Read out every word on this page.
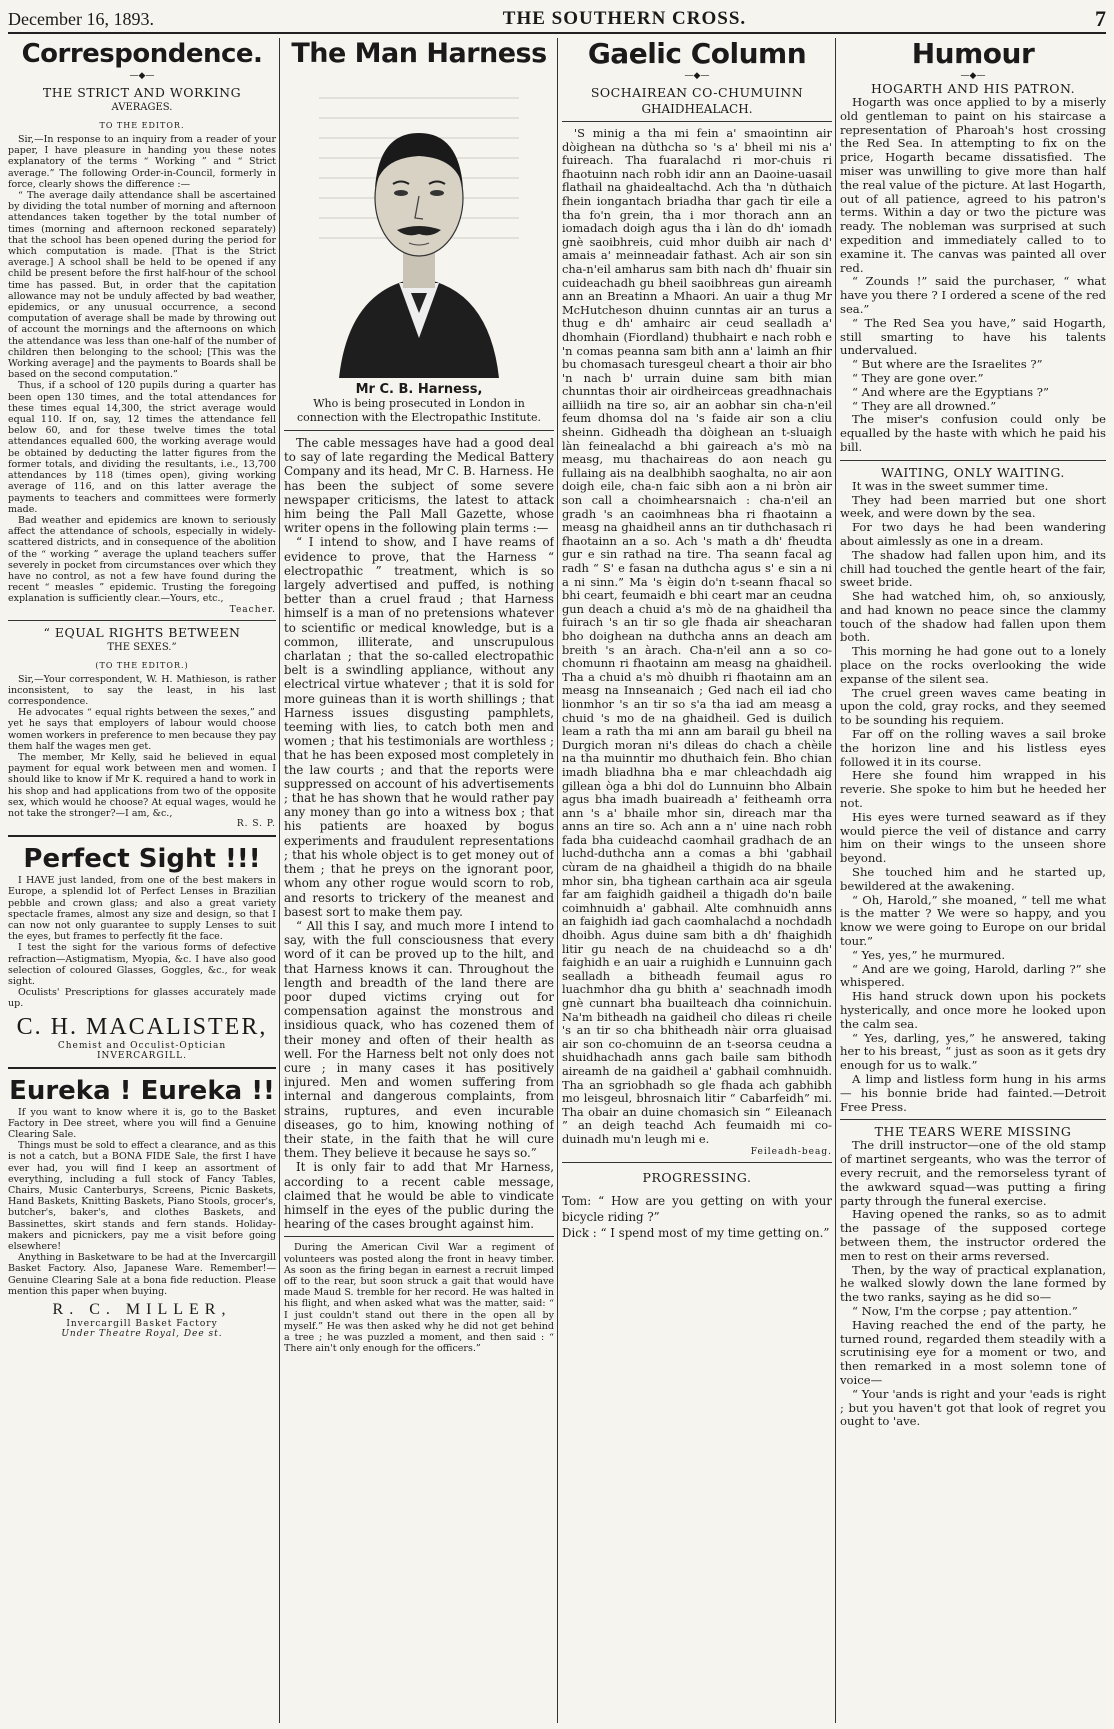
December 16, 1893.	THE SOUTHERN CROSS.	7
Correspondence.
—◆—
THE STRICT AND WORKING
AVERAGES.
TO THE EDITOR.

Sir,—In response to an inquiry from a reader of your paper, I have pleasure in handing you these notes explanatory of the terms “ Working ” and “ Strict average.” The following Order-in-Council, formerly in force, clearly shows the difference :—

“ The average daily attendance shall be ascertained by dividing the total number of morning and afternoon attendances taken together by the total number of times (morning and afternoon reckoned separately) that the school has been opened during the period for which computation is made. [That is the Strict average.] A school shall be held to be opened if any child be present before the first half-hour of the school time has passed. But, in order that the capitation allowance may not be unduly affected by bad weather, epidemics, or any unusual occurrence, a second computation of average shall be made by throwing out of account the mornings and the afternoons on which the attendance was less than one-half of the number of children then belonging to the school; [This was the Working average] and the payments to Boards shall be based on the second computation.”

Thus, if a school of 120 pupils during a quarter has been open 130 times, and the total attendances for these times equal 14,300, the strict average would equal 110. If on, say, 12 times the attendance fell below 60, and for these twelve times the total attendances equalled 600, the working average would be obtained by deducting the latter figures from the former totals, and dividing the resultants, i.e., 13,700 attendances by 118 (times open), giving working average of 116, and on this latter average the payments to teachers and committees were formerly made.

Bad weather and epidemics are known to seriously affect the attendance of schools, especially in widely-scattered districts, and in consequence of the abolition of the “ working ” average the upland teachers suffer severely in pocket from circumstances over which they have no control, as not a few have found during the recent “ measles ” epidemic. Trusting the foregoing explanation is sufficiently clear.—Yours, etc.,

Teacher.
“ EQUAL RIGHTS BETWEEN
THE SEXES.”
(TO THE EDITOR.)

Sir,—Your correspondent, W. H. Mathieson, is rather inconsistent, to say the least, in his last correspondence.

He advocates “ equal rights between the sexes,” and yet he says that employers of labour would choose women workers in preference to men because they pay them half the wages men get.

The member, Mr Kelly, said he believed in equal payment for equal work between men and women. I should like to know if Mr K. required a hand to work in his shop and had applications from two of the opposite sex, which would he choose? At equal wages, would he not take the stronger?—I am, &c.,

R. S. P.
Perfect Sight !!!

I HAVE just landed, from one of the best makers in Europe, a splendid lot of Perfect Lenses in Brazilian pebble and crown glass; and also a great variety spectacle frames, almost any size and design, so that I can now not only guarantee to supply Lenses to suit the eyes, but frames to perfectly fit the face.

I test the sight for the various forms of defective refraction—Astigmatism, Myopia, &c. I have also good selection of coloured Glasses, Goggles, &c., for weak sight.

Oculists' Prescriptions for glasses accurately made up.

C. H. MACALISTER,
Chemist and Occulist-Optician
INVERCARGILL.
Eureka ! Eureka !!

If you want to know where it is, go to the Basket Factory in Dee street, where you will find a Genuine Clearing Sale.

Things must be sold to effect a clearance, and as this is not a catch, but a BONA FIDE Sale, the first I have ever had, you will find I keep an assortment of everything, including a full stock of Fancy Tables, Chairs, Music Canterburys, Screens, Picnic Baskets, Hand Baskets, Knitting Baskets, Piano Stools, grocer's, butcher's, baker's, and clothes Baskets, and Bassinettes, skirt stands and fern stands. Holiday-makers and picnickers, pay me a visit before going elsewhere!

Anything in Basketware to be had at the Invercargill Basket Factory. Also, Japanese Ware. Remember!—Genuine Clearing Sale at a bona fide reduction. Please mention this paper when buying.

R. C. MILLER,
Invercargill Basket Factory
Under Theatre Royal, Dee st.
The Man Harness
Mr C. B. Harness,
Who is being prosecuted in London in connection with the Electropathic Institute.

The cable messages have had a good deal to say of late regarding the Medical Battery Company and its head, Mr C. B. Harness. He has been the subject of some severe newspaper criticisms, the latest to attack him being the Pall Mall Gazette, whose writer opens in the following plain terms :—

“ I intend to show, and I have reams of evidence to prove, that the Harness “ electropathic ” treatment, which is so largely advertised and puffed, is nothing better than a cruel fraud ; that Harness himself is a man of no pretensions whatever to scientific or medical knowledge, but is a common, illiterate, and unscrupulous charlatan ; that the so-called electropathic belt is a swindling appliance, without any electrical virtue whatever ; that it is sold for more guineas than it is worth shillings ; that Harness issues disgusting pamphlets, teeming with lies, to catch both men and women ; that his testimonials are worthless ; that he has been exposed most completely in the law courts ; and that the reports were suppressed on account of his advertisements ; that he has shown that he would rather pay any money than go into a witness box ; that his patients are hoaxed by bogus experiments and fraudulent representations ; that his whole object is to get money out of them ; that he preys on the ignorant poor, whom any other rogue would scorn to rob, and resorts to trickery of the meanest and basest sort to make them pay.

“ All this I say, and much more I intend to say, with the full consciousness that every word of it can be proved up to the hilt, and that Harness knows it can. Throughout the length and breadth of the land there are poor duped victims crying out for compensation against the monstrous and insidious quack, who has cozened them of their money and often of their health as well. For the Harness belt not only does not cure ; in many cases it has positively injured. Men and women suffering from internal and dangerous complaints, from strains, ruptures, and even incurable diseases, go to him, knowing nothing of their state, in the faith that he will cure them. They believe it because he says so.”

It is only fair to add that Mr Harness, according to a recent cable message, claimed that he would be able to vindicate himself in the eyes of the public during the hearing of the cases brought against him.

During the American Civil War a regiment of volunteers was posted along the front in heavy timber. As soon as the firing began in earnest a recruit limped off to the rear, but soon struck a gait that would have made Maud S. tremble for her record. He was halted in his flight, and when asked what was the matter, said: “ I just couldn't stand out there in the open all by myself.” He was then asked why he did not get behind a tree ; he was puzzled a moment, and then said : “ There ain't only enough for the officers.”

Gaelic Column
—◆—
SOCHAIREAN CO-CHUMUINN
GHAIDHEALACH.

'S minig a tha mi fein a' smaointinn air dòighean na dùthcha so 's a' bheil mi nis a' fuireach. Tha fuaralachd ri mor-chuis ri fhaotuinn nach robh idir ann an Daoine-uasail flathail na ghaidealtachd. Ach tha 'n dùthaich fhein iongantach briadha thar gach tìr eile a tha fo'n grein, tha i mor thorach ann an iomadach doigh agus tha i làn do dh' iomadh gnè saoibhreis, cuid mhor duibh air nach d' amais a' meinneadair fathast. Ach air son sin cha-n'eil amharus sam bith nach dh' fhuair sin cuideachadh gu bheil saoibhreas gun aireamh ann an Breatinn a Mhaori. An uair a thug Mr McHutcheson dhuinn cunntas air an turus a thug e dh' amhairc air ceud sealladh a' dhomhain (Fiordland) thubhairt e nach robh e 'n comas peanna sam bith ann a' laimh an fhir bu chomasach turesgeul cheart a thoir air bho 'n nach b' urrain duine sam bith mian chunntas thoir air oirdheirceas greadhnachais ailliidh na tire so, air an aobhar sin cha-n'eil feum dhomsa dol na 's faide air son a cliu sheinn. Gidheadh tha dòighean an t-sluaigh làn feinealachd a bhi gaireach a's mò na measg, mu thachaireas do aon neach gu fullaing ais na dealbhibh saoghalta, no air aon doigh eile, cha-n faic sibh aon a ni bròn air son call a choimhearsnaich : cha-n'eil an gradh 's an caoimhneas bha ri fhaotainn a measg na ghaidheil anns an tir duthchasach ri fhaotainn an a so. Ach 's math a dh' fheudta gur e sin rathad na tire. Tha seann facal ag radh “ S' e fasan na duthcha agus s' e sin a ni a ni sinn.” Ma 's èigin do'n t-seann fhacal so bhi ceart, feumaidh e bhi ceart mar an ceudna gun deach a chuid a's mò de na ghaidheil tha fuirach 's an tir so gle fhada air sheacharan bho doighean na duthcha anns an deach am breith 's an àrach. Cha-n'eil ann a so co-chomunn ri fhaotainn am measg na ghaidheil. Tha a chuid a's mò dhuibh ri fhaotainn am an measg na Innseanaich ; Ged nach eil iad cho lionmhor 's an tir so s'a tha iad am measg a chuid 's mo de na ghaidheil. Ged is duilich leam a rath tha mi ann am barail gu bheil na Durgich moran ni's dileas do chach a chèile na tha muinntir mo dhuthaich fein. Bho chian imadh bliadhna bha e mar chleachdadh aig gillean òga a bhi dol do Lunnuinn bho Albain agus bha imadh buaireadh a' feitheamh orra ann 's a' bhaile mhor sin, direach mar tha anns an tire so. Ach ann a n' uine nach robh fada bha cuideachd caomhail gradhach de an luchd-duthcha ann a comas a bhi 'gabhail cùram de na ghaidheil a thigidh do na bhaile mhor sin, bha tighean carthain aca air sgeula far am faighidh gaidheil a thigadh do'n baile coimhnuidh a' gabhail. Alte comhnuidh anns an faighidh iad gach caomhalachd a nochdadh dhoibh. Agus duine sam bith a dh' fhaighidh litir gu neach de na chuideachd so a dh' faighidh e an uair a ruighidh e Lunnuinn gach sealladh a bitheadh feumail agus ro luachmhor dha gu bhith a' seachnadh imodh gnè cunnart bha buailteach dha coinnichuin. Na'm bitheadh na gaidheil cho dileas ri cheile 's an tir so cha bhitheadh nàir orra gluaisad air son co-chomuinn de an t-seorsa ceudna a shuidhachadh anns gach baile sam bithodh aireamh de na gaidheil a' gabhail comhnuidh. Tha an sgriobhadh so gle fhada ach gabhibh mo leisgeul, bhrosnaich litir “ Cabarfeidh” mi. Tha obair an duine chomasich sin “ Eileanach ” an deigh teachd Ach feumaidh mi co-duinadh mu'n leugh mi e.

Feileadh-beag.
PROGRESSING.

Tom: “ How are you getting on with your bicycle riding ?”

Dick : “ I spend most of my time getting on.”

Humour
—◆—
HOGARTH AND HIS PATRON.

Hogarth was once applied to by a miserly old gentleman to paint on his staircase a representation of Pharoah's host crossing the Red Sea. In attempting to fix on the price, Hogarth became dissatisfied. The miser was unwilling to give more than half the real value of the picture. At last Hogarth, out of all patience, agreed to his patron's terms. Within a day or two the picture was ready. The nobleman was surprised at such expedition and immediately called to to examine it. The canvas was painted all over red.

“ Zounds !” said the purchaser, “ what have you there ? I ordered a scene of the red sea.”

“ The Red Sea you have,” said Hogarth, still smarting to have his talents undervalued.

“ But where are the Israelites ?”

“ They are gone over.”

“ And where are the Egyptians ?”

“ They are all drowned.”

The miser's confusion could only be equalled by the haste with which he paid his bill.

WAITING, ONLY WAITING.

It was in the sweet summer time.

They had been married but one short week, and were down by the sea.

For two days he had been wandering about aimlessly as one in a dream.

The shadow had fallen upon him, and its chill had touched the gentle heart of the fair, sweet bride.

She had watched him, oh, so anxiously, and had known no peace since the clammy touch of the shadow had fallen upon them both.

This morning he had gone out to a lonely place on the rocks overlooking the wide expanse of the silent sea.

The cruel green waves came beating in upon the cold, gray rocks, and they seemed to be sounding his requiem.

Far off on the rolling waves a sail broke the horizon line and his listless eyes followed it in its course.

Here she found him wrapped in his reverie. She spoke to him but he heeded her not.

His eyes were turned seaward as if they would pierce the veil of distance and carry him on their wings to the unseen shore beyond.

She touched him and he started up, bewildered at the awakening.

“ Oh, Harold,” she moaned, “ tell me what is the matter ? We were so happy, and you know we were going to Europe on our bridal tour.”

“ Yes, yes,” he murmured.

“ And are we going, Harold, darling ?” she whispered.

His hand struck down upon his pockets hysterically, and once more he looked upon the calm sea.

“ Yes, darling, yes,” he answered, taking her to his breast, “ just as soon as it gets dry enough for us to walk.”

A limp and listless form hung in his arms — his bonnie bride had fainted.—Detroit Free Press.

THE TEARS WERE MISSING

The drill instructor—one of the old stamp of martinet sergeants, who was the terror of every recruit, and the remorseless tyrant of the awkward squad—was putting a firing party through the funeral exercise.

Having opened the ranks, so as to admit the passage of the supposed cortege between them, the instructor ordered the men to rest on their arms reversed.

Then, by the way of practical explanation, he walked slowly down the lane formed by the two ranks, saying as he did so—

“ Now, I'm the corpse ; pay attention.”

Having reached the end of the party, he turned round, regarded them steadily with a scrutinising eye for a moment or two, and then remarked in a most solemn tone of voice—

“ Your 'ands is right and your 'eads is right ; but you haven't got that look of regret you ought to 'ave.
